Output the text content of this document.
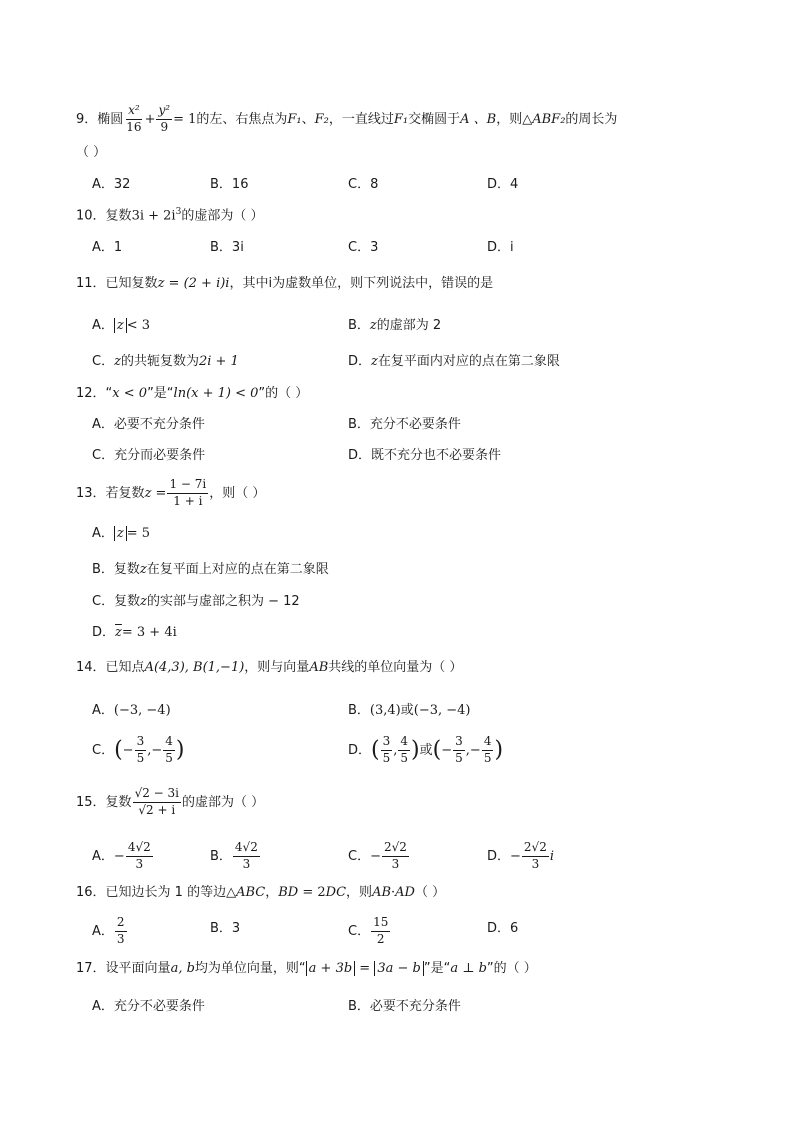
9．椭圆 $\frac{\text{x²}}{16} + \frac{\text{y²}}{9} = 1$的左、右焦点为F₁、F₂，一直线过F₁交椭圆于A 、B，则△ABF₂的周长为
（ ）
A．32	B．16	C．8	D．4
10．复数$3i + 2i^3$的虚部为（ ）
A．1	B．3i	C．3	D．i
11．已知复数z = (2 + i)i，其中i为虚数单位，则下列说法中，错误的是
A． z < 3	B．z的虚部为 2
C．z的共轭复数为2i + 1	D．z在复平面内对应的点在第二象限
12．“x < 0”是“ln(x + 1) < 0”的（ ）
A．必要不充分条件	B．充分不必要条件
C．充分而必要条件	D．既不充分也不必要条件
13．若复数$z = \frac{1 - 7i}{1 + i}$ ，则（ ）
A． z = 5
B．复数z在复平面上对应的点在第二象限
C．复数z的实部与虚部之积为 − 12
D．$\overline{z}= 3 + 4i$
14．已知点A(4,3), B(1,−1)，则与向量AB共线的单位向量为（ ）
A．(−3, −4)	B．(3,4)或(−3, −4)
C．(− $\frac{3}{5}$ ,− $\frac{4}{5}$ )	D．( $\frac{3}{5}$ , $\frac{4}{5}$ )或(− $\frac{3}{5}$ ,− $\frac{4}{5}$ )
15．复数 $\frac{√2 - 3i}{√2 + i}$ 的虚部为（ ）
A．− $\frac{4√2}{3}$	B． $\frac{4√2}{3}$	C．− $\frac{2√2}{3}$	D．− $\frac{2√2}{3}$ i
16．已知边长为 1 的等边△ABC，BD = 2DC，则AB·AD（ ）
A． $\frac{2}{3}$	B．3	C． $\frac{15}{2}$	D．6
17．设平面向量a, b均为单位向量，则“ a + 3b = 3a − b ”是“a ⊥ b”的（ ）
A．充分不必要条件	B．必要不充分条件
